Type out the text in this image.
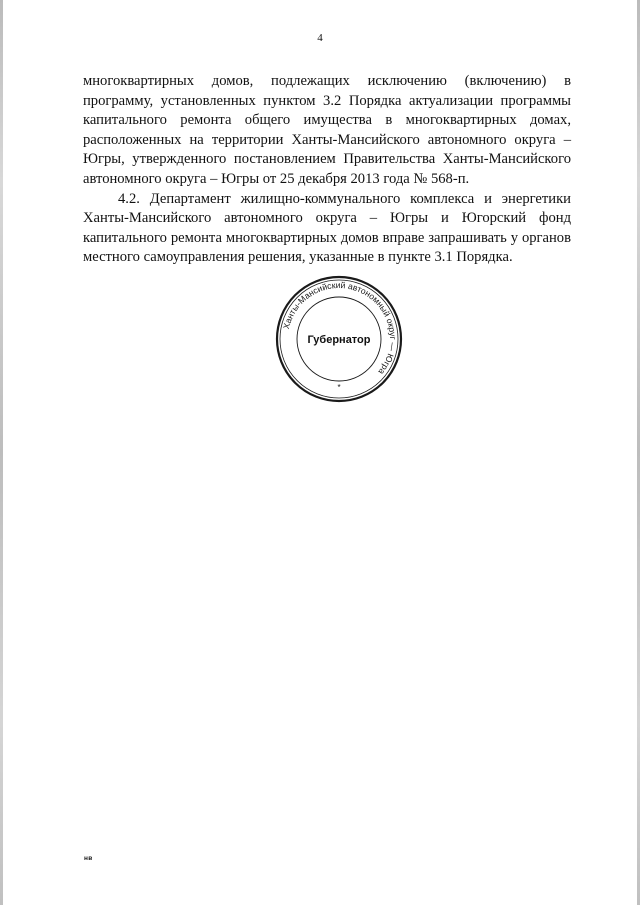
4

многоквартирных домов, подлежащих исключению (включению) в программу, установленных пунктом 3.2 Порядка актуализации программы капитального ремонта общего имущества в многоквартирных домах, расположенных на территории Ханты-Мансийского автономного округа – Югры, утвержденного постановлением Правительства Ханты-Мансийского автономного округа – Югры от 25 декабря 2013 года № 568-п.

4.2. Департамент жилищно-коммунального комплекса и энергетики Ханты-Мансийского автономного округа – Югры и Югорский фонд капитального ремонта многоквартирных домов вправе запрашивать у органов местного самоуправления решения, указанные в пункте 3.1 Порядка.

Ханты-Мансийский автономный округ — Югра
Губернатор
*
нв
